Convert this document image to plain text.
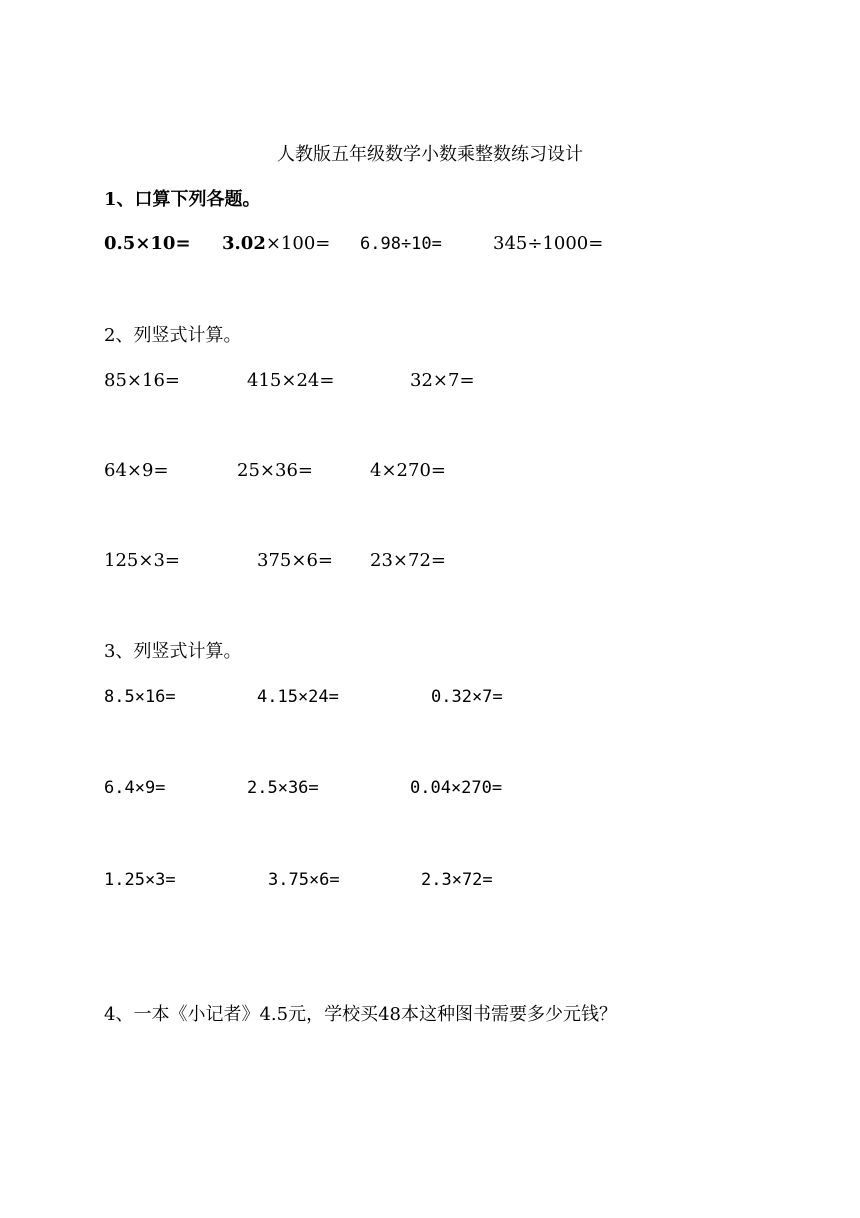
人教版五年级数学小数乘整数练习设计
1、口算下列各题。
0.5×10= 3.02×100= 6.98÷10=	345÷1000=
2、列竖式计算。
85×16=	415×24=	32×7=
64×9=	25×36=	4×270=
125×3=	375×6= 23×72=
3、列竖式计算。
8.5×16=	4.15×24=	0.32×7=
6.4×9=	2.5×36=	0.04×270=
1.25×3=	3.75×6=	2.3×72=
4、一本《小记者》4.5元，学校买48本这种图书需要多少元钱？
